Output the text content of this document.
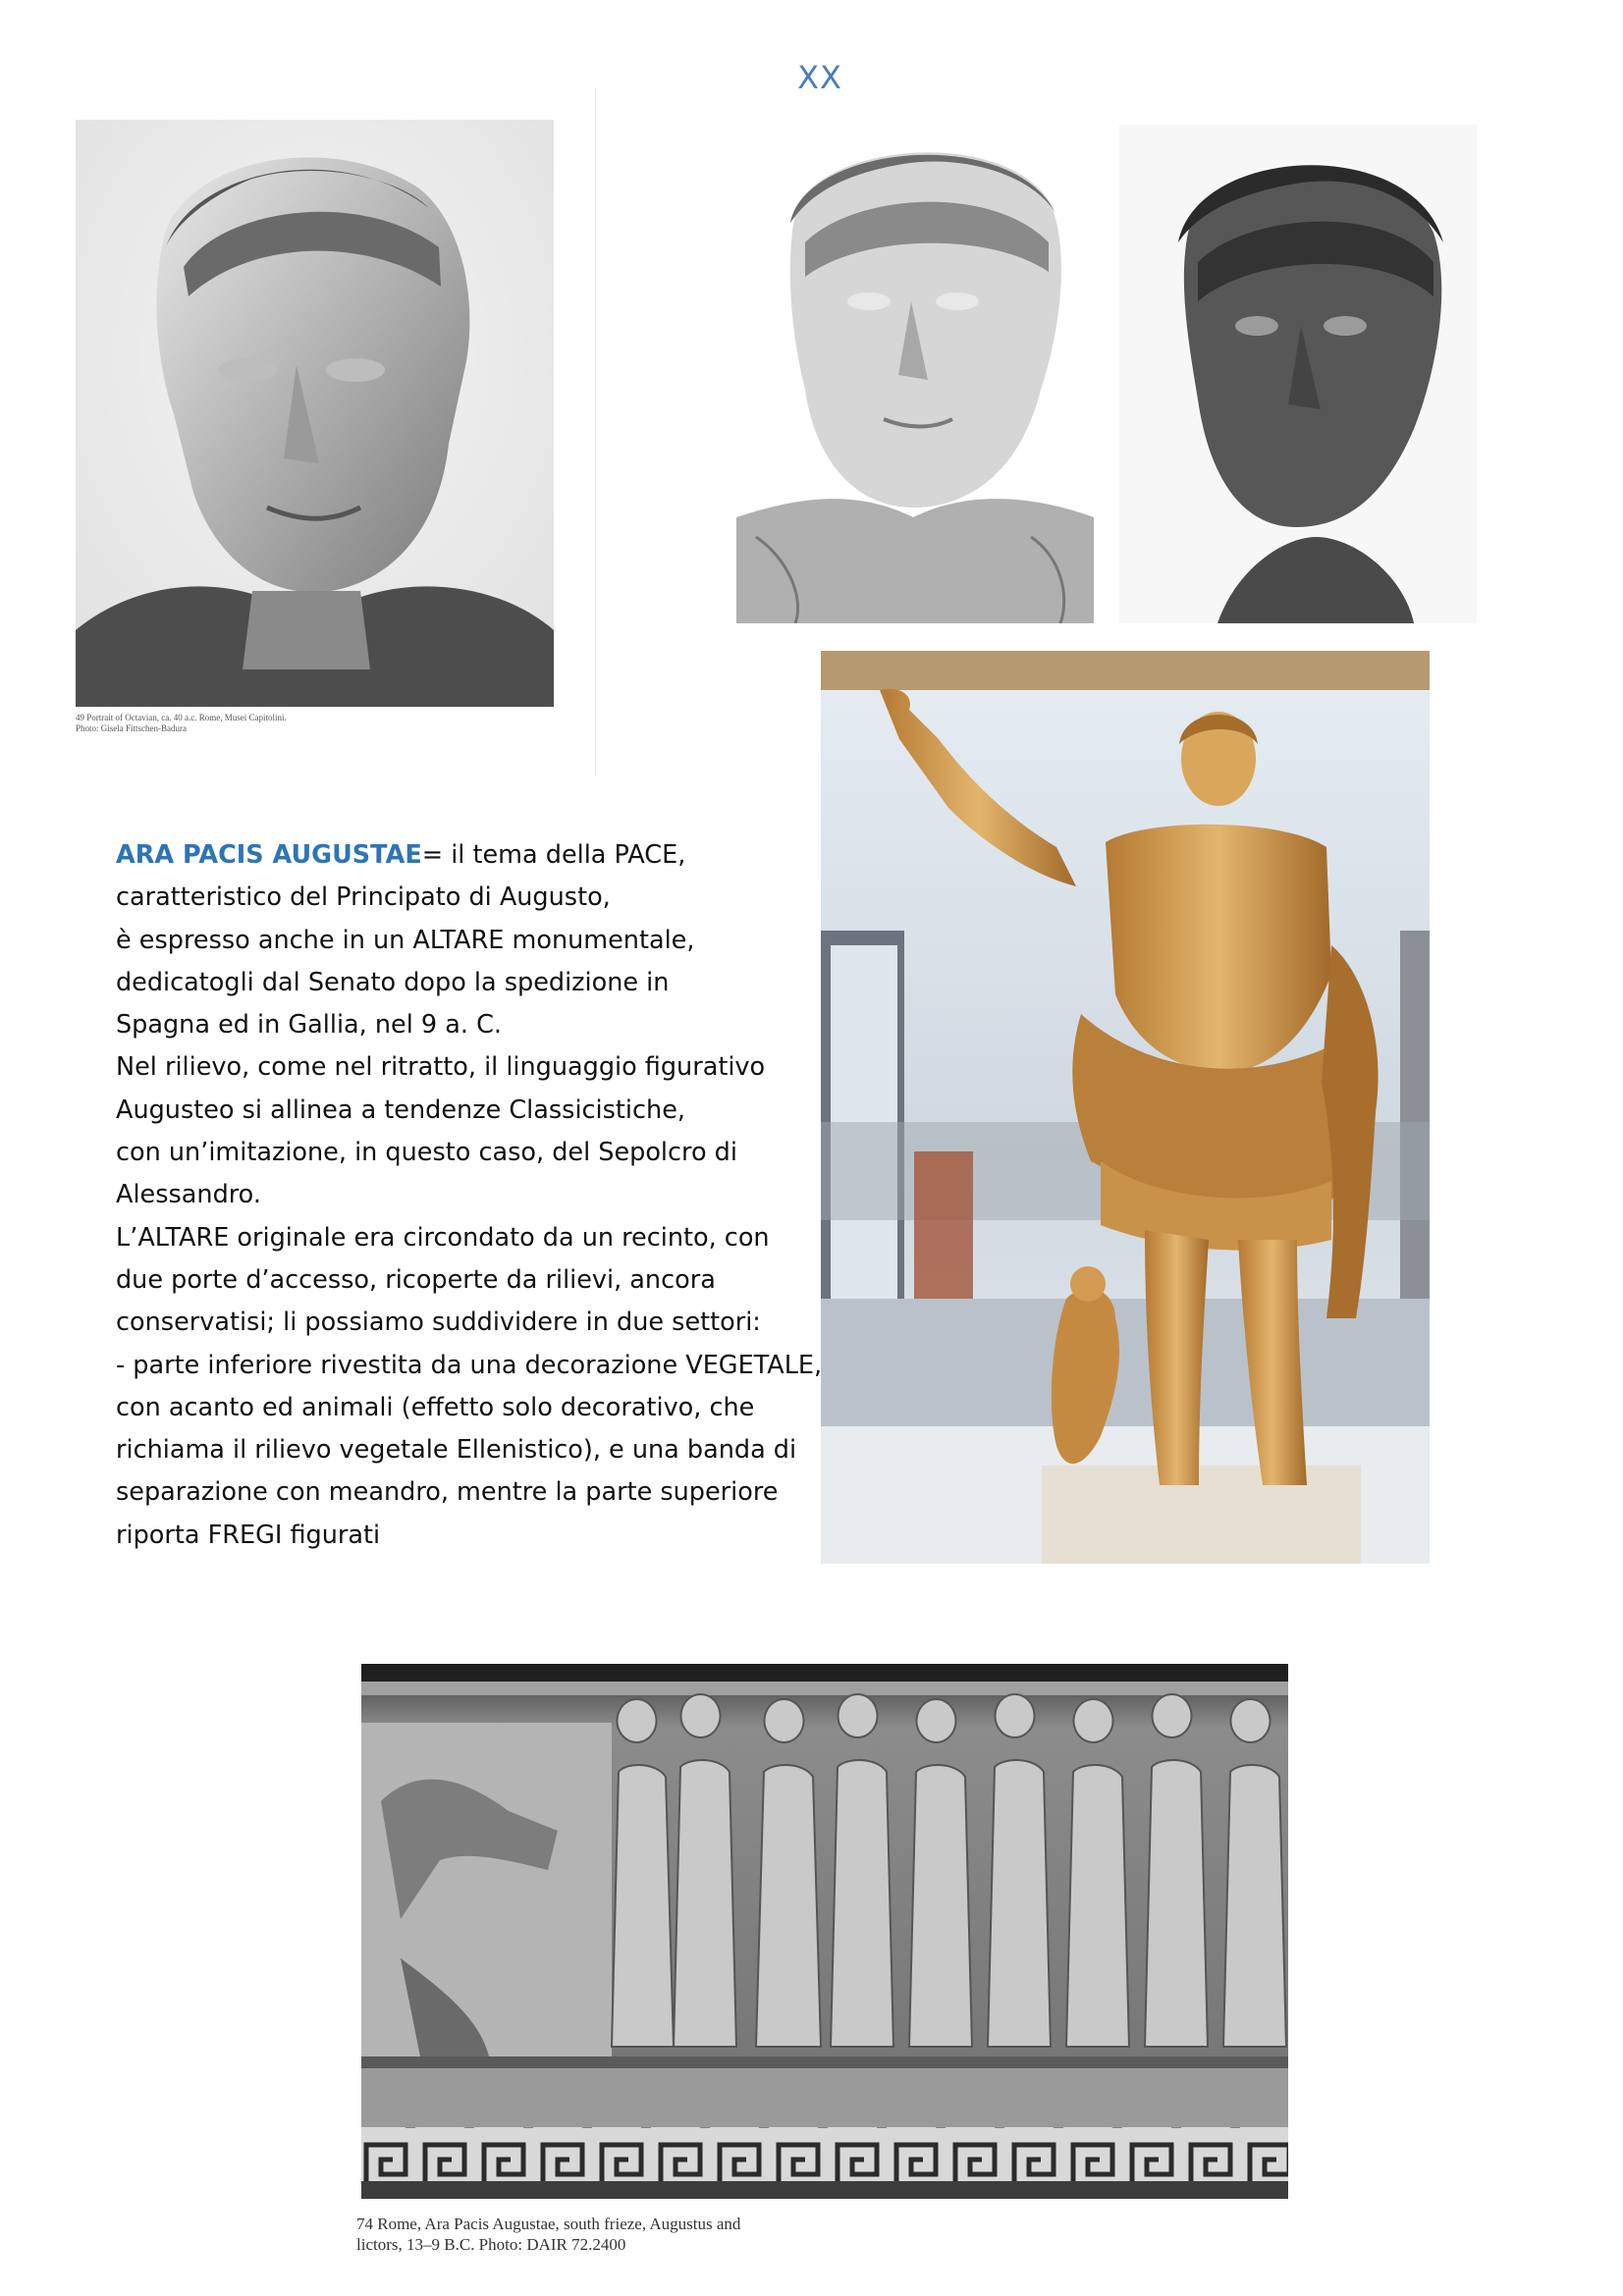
XX
49 Portrait of Octavian, ca. 40 a.c. Rome, Musei Capitolini.
Photo: Gisela Fittschen-Badura
ARA PACIS AUGUSTAE= il tema della PACE,
caratteristico del Principato di Augusto,
è espresso anche in un ALTARE monumentale,
dedicatogli dal Senato dopo la spedizione in
Spagna ed in Gallia, nel 9 a. C.
Nel rilievo, come nel ritratto, il linguaggio figurativo
Augusteo si allinea a tendenze Classicistiche,
con un’imitazione, in questo caso, del Sepolcro di
Alessandro.
L’ALTARE originale era circondato da un recinto, con
due porte d’accesso, ricoperte da rilievi, ancora
conservatisi; li possiamo suddividere in due settori:
- parte inferiore rivestita da una decorazione VEGETALE,
con acanto ed animali (effetto solo decorativo, che
richiama il rilievo vegetale Ellenistico), e una banda di
separazione con meandro, mentre la parte superiore
riporta FREGI figurati
74 Rome, Ara Pacis Augustae, south frieze, Augustus and
lictors, 13–9 B.C. Photo: DAIR 72.2400
